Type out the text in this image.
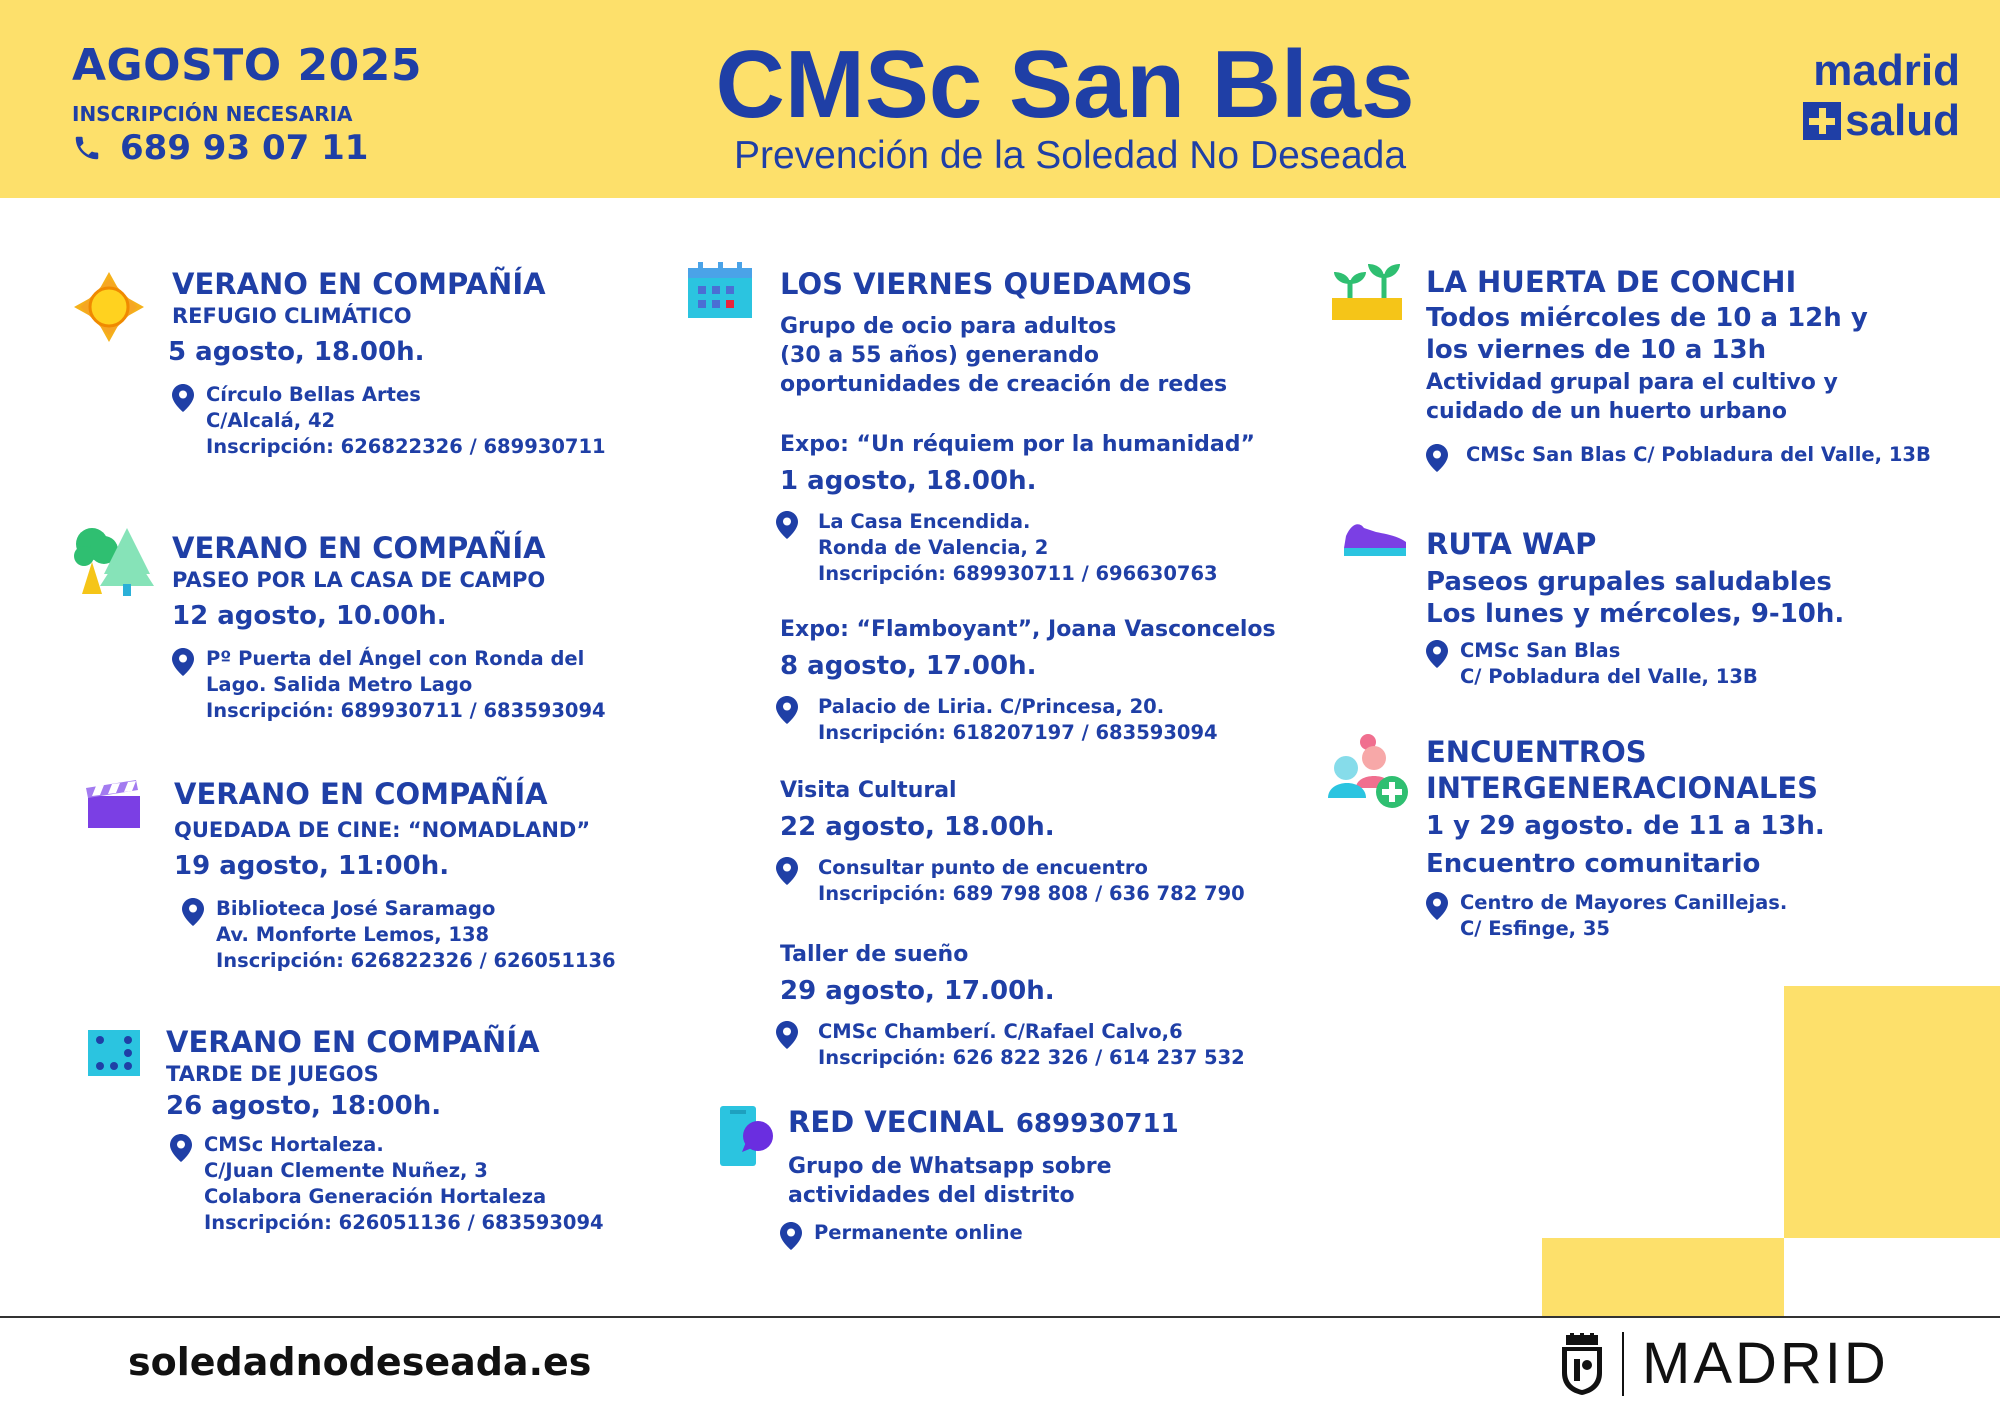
AGOSTO 2025
INSCRIPCIÓN NECESARIA
689 93 07 11
CMSc San Blas
Prevención de la Soledad No Deseada
madrid
salud
VERANO EN COMPAÑÍA
REFUGIO CLIMÁTICO
5 agosto, 18.00h.
Círculo Bellas Artes
C/Alcalá, 42
Inscripción: 626822326 / 689930711
VERANO EN COMPAÑÍA
PASEO POR LA CASA DE CAMPO
12 agosto, 10.00h.
Pº Puerta del Ángel con Ronda del
Lago. Salida Metro Lago
Inscripción: 689930711 / 683593094
VERANO EN COMPAÑÍA
QUEDADA DE CINE: “NOMADLAND”
19 agosto, 11:00h.
Biblioteca José Saramago
Av. Monforte Lemos, 138
Inscripción: 626822326 / 626051136
VERANO EN COMPAÑÍA
TARDE DE JUEGOS
26 agosto, 18:00h.
CMSc Hortaleza.
C/Juan Clemente Nuñez, 3
Colabora Generación Hortaleza
Inscripción: 626051136 / 683593094
LOS VIERNES QUEDAMOS
Grupo de ocio para adultos
(30 a 55 años) generando
oportunidades de creación de redes
Expo: “Un réquiem por la humanidad”
1 agosto, 18.00h.
La Casa Encendida.
Ronda de Valencia, 2
Inscripción: 689930711 / 696630763
Expo: “Flamboyant”, Joana Vasconcelos
8 agosto, 17.00h.
Palacio de Liria. C/Princesa, 20.
Inscripción: 618207197 / 683593094
Visita Cultural
22 agosto, 18.00h.
Consultar punto de encuentro
Inscripción: 689 798 808 / 636 782 790
Taller de sueño
29 agosto, 17.00h.
CMSc Chamberí. C/Rafael Calvo,6
Inscripción: 626 822 326 / 614 237 532
RED VECINAL 689930711
Grupo de Whatsapp sobre
actividades del distrito
Permanente online
LA HUERTA DE CONCHI
Todos miércoles de 10 a 12h y
los viernes de 10 a 13h
Actividad grupal para el cultivo y
cuidado de un huerto urbano
CMSc San Blas C/ Pobladura del Valle, 13B
RUTA WAP
Paseos grupales saludables
Los lunes y mércoles, 9-10h.
CMSc San Blas
C/ Pobladura del Valle, 13B
ENCUENTROS
INTERGENERACIONALES
1 y 29 agosto. de 11 a 13h.
Encuentro comunitario
Centro de Mayores Canillejas.
C/ Esfinge, 35
soledadnodeseada.es	MADRID
